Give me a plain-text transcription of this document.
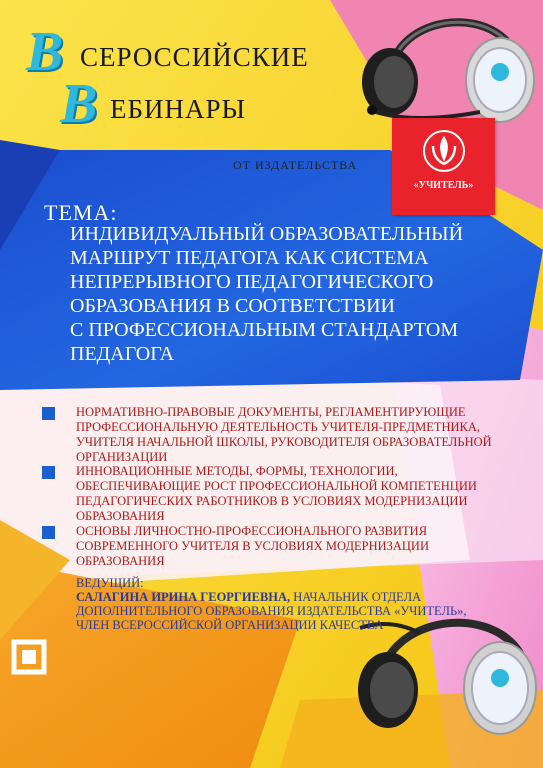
В СЕРОССИЙСКИЕ
В ЕБИНАРЫ
ОТ ИЗДАТЕЛЬСТВА
«УЧИТЕЛЬ»
ТЕМА:
ИНДИВИДУАЛЬНЫЙ ОБРАЗОВАТЕЛЬНЫЙ
МАРШРУТ ПЕДАГОГА КАК СИСТЕМА
НЕПРЕРЫВНОГО ПЕДАГОГИЧЕСКОГО
ОБРАЗОВАНИЯ В СООТВЕТСТВИИ
С ПРОФЕССИОНАЛЬНЫМ СТАНДАРТОМ
ПЕДАГОГА
НОРМАТИВНО-ПРАВОВЫЕ ДОКУМЕНТЫ, РЕГЛАМЕНТИРУЮЩИЕ
ПРОФЕССИОНАЛЬНУЮ ДЕЯТЕЛЬНОСТЬ УЧИТЕЛЯ-ПРЕДМЕТНИКА,
УЧИТЕЛЯ НАЧАЛЬНОЙ ШКОЛЫ, РУКОВОДИТЕЛЯ ОБРАЗОВАТЕЛЬНОЙ
ОРГАНИЗАЦИИ
ИННОВАЦИОННЫЕ МЕТОДЫ, ФОРМЫ, ТЕХНОЛОГИИ,
ОБЕСПЕЧИВАЮЩИЕ РОСТ ПРОФЕССИОНАЛЬНОЙ КОМПЕТЕНЦИИ
ПЕДАГОГИЧЕСКИХ РАБОТНИКОВ В УСЛОВИЯХ МОДЕРНИЗАЦИИ
ОБРАЗОВАНИЯ
ОСНОВЫ ЛИЧНОСТНО-ПРОФЕССИОНАЛЬНОГО РАЗВИТИЯ
СОВРЕМЕННОГО УЧИТЕЛЯ В УСЛОВИЯХ МОДЕРНИЗАЦИИ
ОБРАЗОВАНИЯ
ВЕДУЩИЙ:
САЛАГИНА ИРИНА ГЕОРГИЕВНА, НАЧАЛЬНИК ОТДЕЛА
ДОПОЛНИТЕЛЬНОГО ОБРАЗОВАНИЯ ИЗДАТЕЛЬСТВА «УЧИТЕЛЬ»,
ЧЛЕН ВСЕРОССИЙСКОЙ ОРГАНИЗАЦИИ КАЧЕСТВА
